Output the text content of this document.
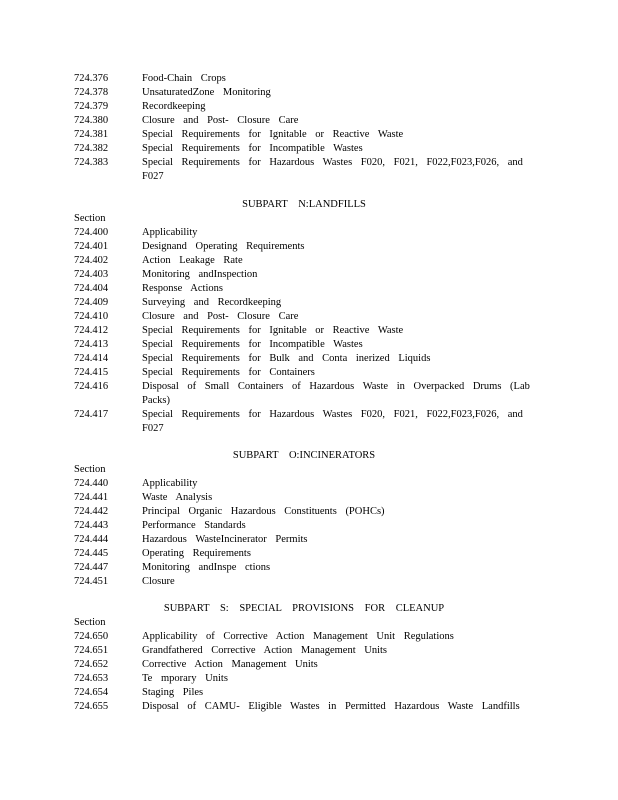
724.376	Food-Chain Crops
724.378	UnsaturatedZone Monitoring
724.379	Recordkeeping
724.380	Closure and Post- Closure Care
724.381	Special Requirements for Ignitable or Reactive Waste
724.382	Special Requirements for Incompatible Wastes
724.383	Special Requirements for Hazardous Wastes F020, F021, F022,F023,F026, and F027
SUBPART N:LANDFILLS
Section
724.400	Applicability
724.401	Designand Operating Requirements
724.402	Action Leakage Rate
724.403	Monitoring andInspection
724.404	Response Actions
724.409	Surveying and Recordkeeping
724.410	Closure and Post- Closure Care
724.412	Special Requirements for Ignitable or Reactive Waste
724.413	Special Requirements for Incompatible Wastes
724.414	Special Requirements for Bulk and Conta inerized Liquids
724.415	Special Requirements for Containers
724.416	Disposal of Small Containers of Hazardous Waste in Overpacked Drums (Lab Packs)
724.417	Special Requirements for Hazardous Wastes F020, F021, F022,F023,F026, and F027
SUBPART O:INCINERATORS
Section
724.440	Applicability
724.441	Waste Analysis
724.442	Principal Organic Hazardous Constituents (POHCs)
724.443	Performance Standards
724.444	Hazardous WasteIncinerator Permits
724.445	Operating Requirements
724.447	Monitoring andInspe ctions
724.451	Closure
SUBPART S: SPECIAL PROVISIONS FOR CLEANUP
Section
724.650	Applicability of Corrective Action Management Unit Regulations
724.651	Grandfathered Corrective Action Management Units
724.652	Corrective Action Management Units
724.653	Te mporary Units
724.654	Staging Piles
724.655	Disposal of CAMU- Eligible Wastes in Permitted Hazardous Waste Landfills
